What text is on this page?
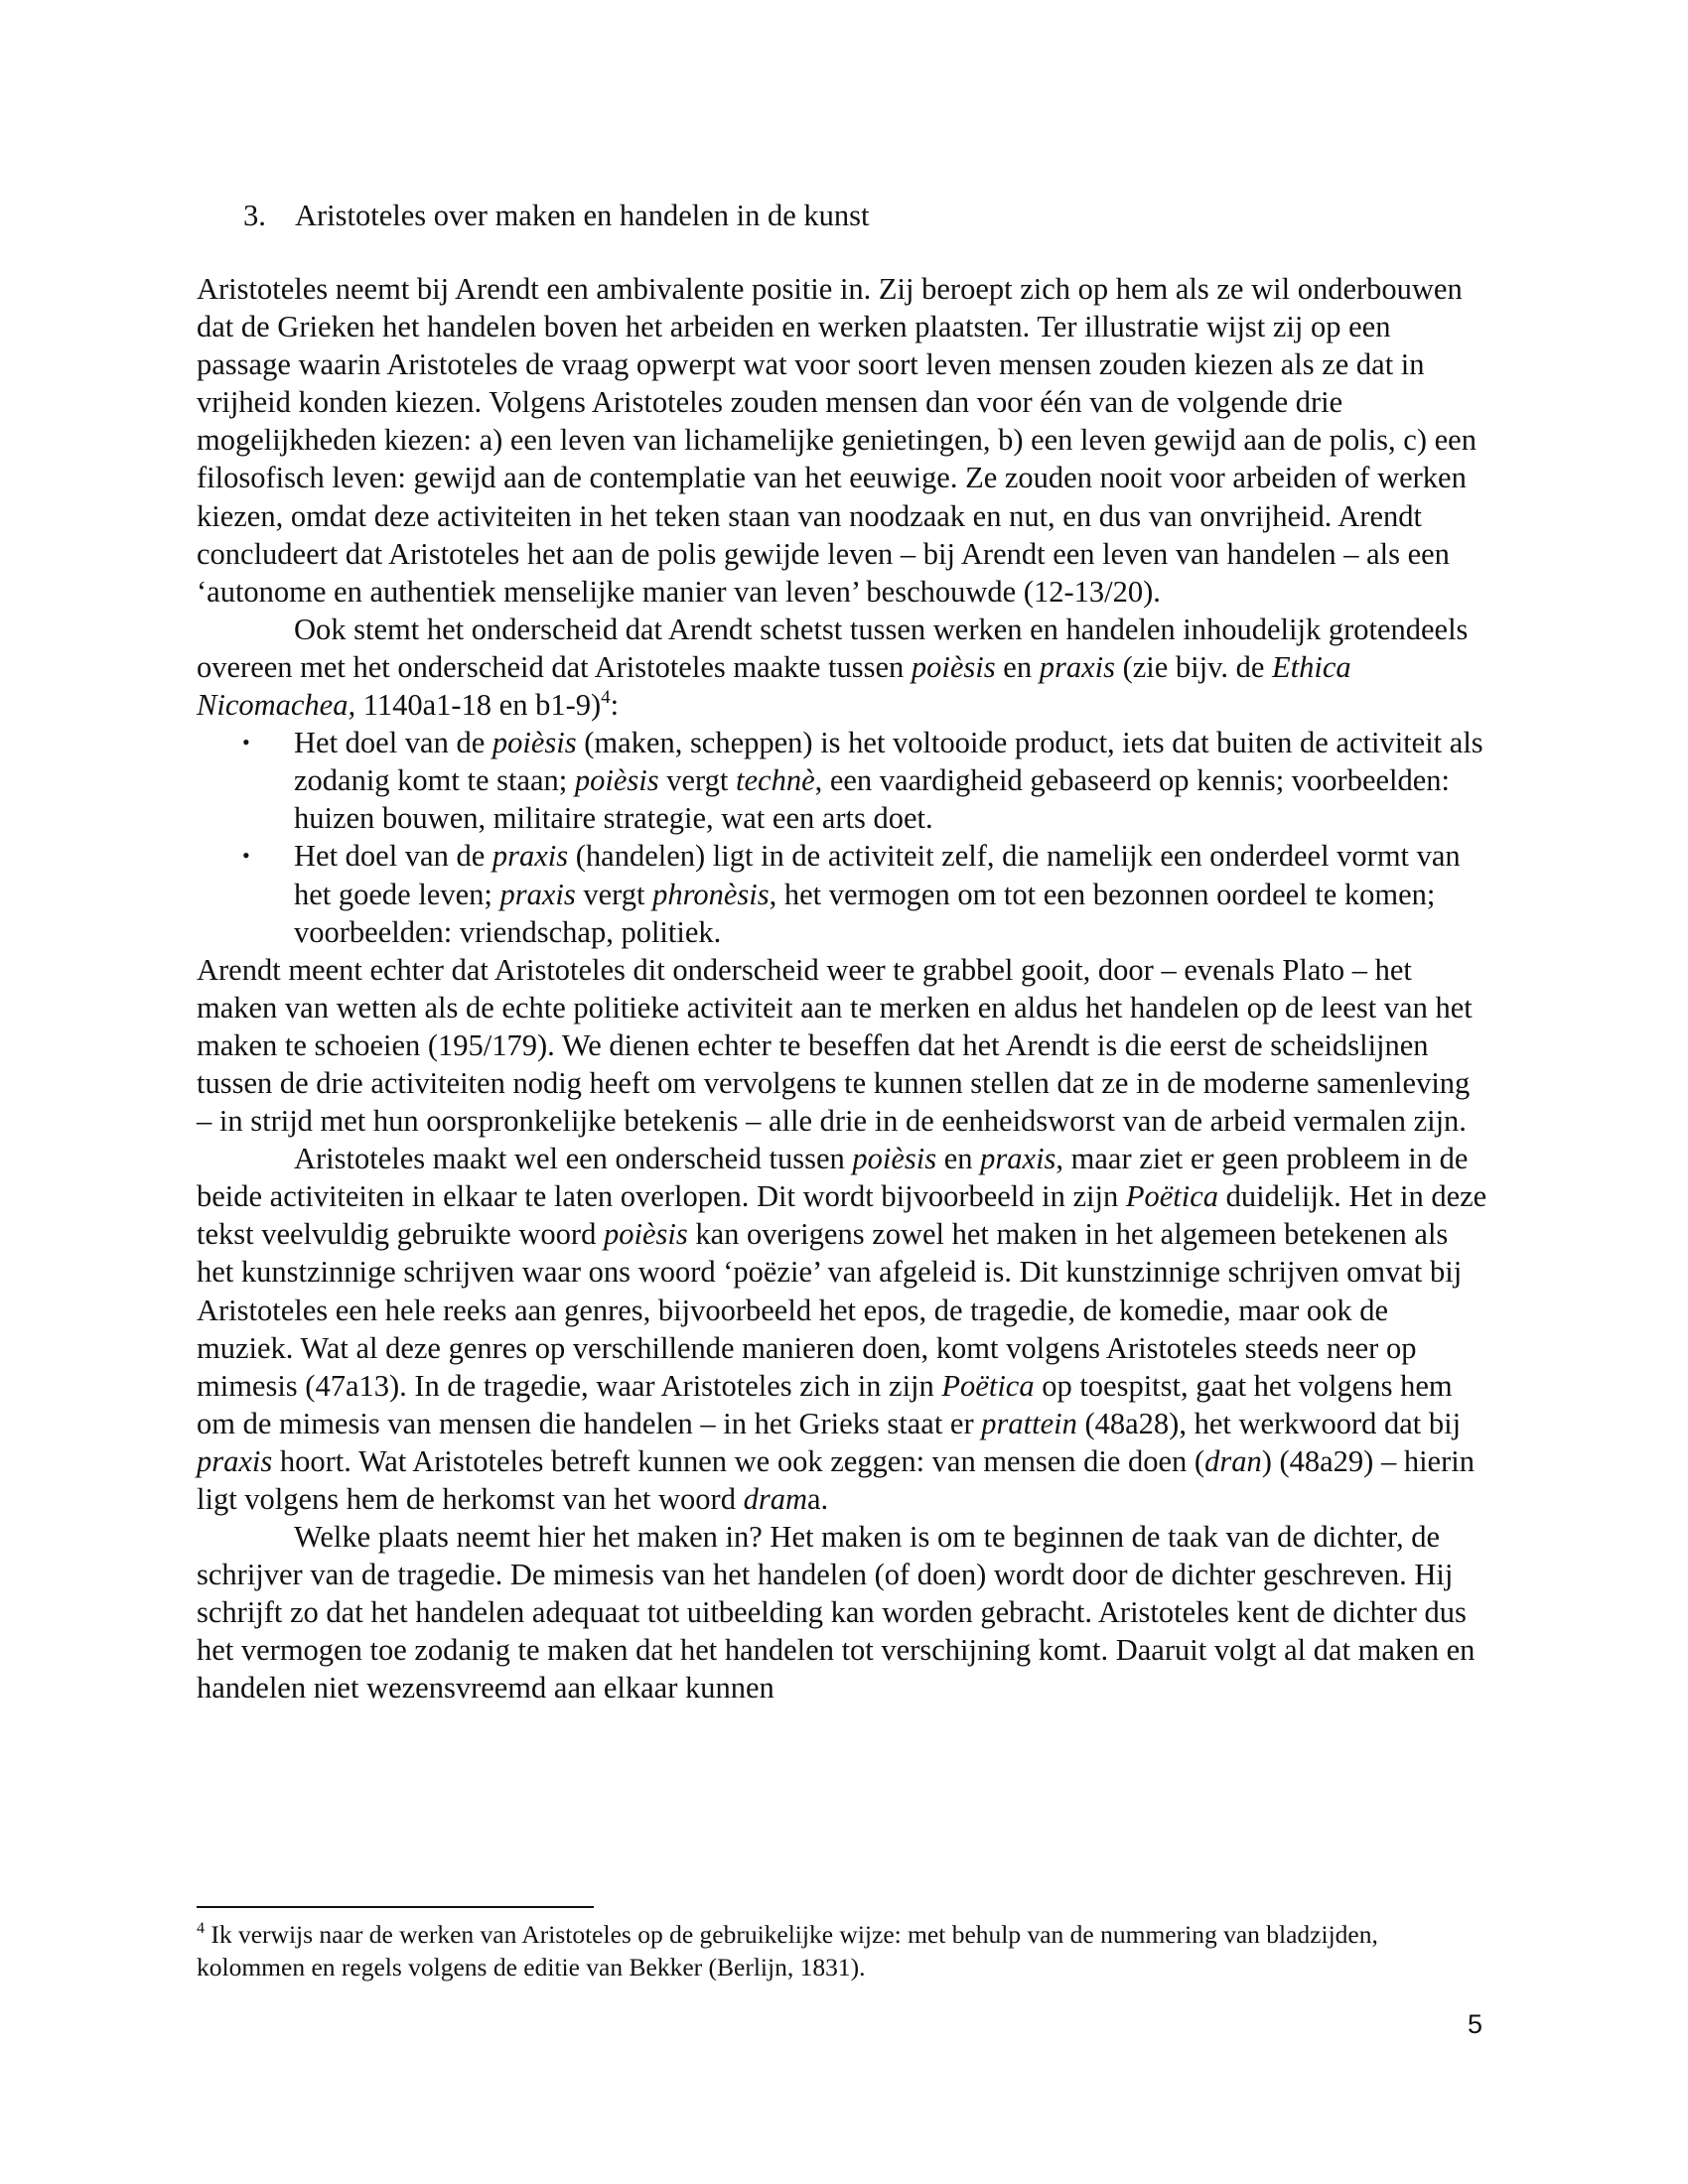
3. Aristoteles over maken en handelen in de kunst

Aristoteles neemt bij Arendt een ambivalente positie in. Zij beroept zich op hem als ze wil onderbouwen dat de Grieken het handelen boven het arbeiden en werken plaatsten. Ter illustratie wijst zij op een passage waarin Aristoteles de vraag opwerpt wat voor soort leven mensen zouden kiezen als ze dat in vrijheid konden kiezen. Volgens Aristoteles zouden mensen dan voor één van de volgende drie mogelijkheden kiezen: a) een leven van lichamelijke genietingen, b) een leven gewijd aan de polis, c) een filosofisch leven: gewijd aan de contemplatie van het eeuwige. Ze zouden nooit voor arbeiden of werken kiezen, omdat deze activiteiten in het teken staan van noodzaak en nut, en dus van onvrijheid. Arendt concludeert dat Aristoteles het aan de polis gewijde leven – bij Arendt een leven van handelen – als een ‘autonome en authentiek menselijke manier van leven’ beschouwde (12-13/20).

Ook stemt het onderscheid dat Arendt schetst tussen werken en handelen inhoudelijk grotendeels overeen met het onderscheid dat Aristoteles maakte tussen poièsis en praxis (zie bijv. de Ethica Nicomachea, 1140a1-18 en b1-9)$^4$:

• Het doel van de poièsis (maken, scheppen) is het voltooide product, iets dat buiten de activiteit als zodanig komt te staan; poièsis vergt technè, een vaardigheid gebaseerd op kennis; voorbeelden: huizen bouwen, militaire strategie, wat een arts doet.
• Het doel van de praxis (handelen) ligt in de activiteit zelf, die namelijk een onderdeel vormt van het goede leven; praxis vergt phronèsis, het vermogen om tot een bezonnen oordeel te komen; voorbeelden: vriendschap, politiek.

Arendt meent echter dat Aristoteles dit onderscheid weer te grabbel gooit, door – evenals Plato – het maken van wetten als de echte politieke activiteit aan te merken en aldus het handelen op de leest van het maken te schoeien (195/179). We dienen echter te beseffen dat het Arendt is die eerst de scheidslijnen tussen de drie activiteiten nodig heeft om vervolgens te kunnen stellen dat ze in de moderne samenleving – in strijd met hun oorspronkelijke betekenis – alle drie in de eenheidsworst van de arbeid vermalen zijn.

Aristoteles maakt wel een onderscheid tussen poièsis en praxis, maar ziet er geen probleem in de beide activiteiten in elkaar te laten overlopen. Dit wordt bijvoorbeeld in zijn Poëtica duidelijk. Het in deze tekst veelvuldig gebruikte woord poièsis kan overigens zowel het maken in het algemeen betekenen als het kunstzinnige schrijven waar ons woord ‘poëzie’ van afgeleid is. Dit kunstzinnige schrijven omvat bij Aristoteles een hele reeks aan genres, bijvoorbeeld het epos, de tragedie, de komedie, maar ook de muziek. Wat al deze genres op verschillende manieren doen, komt volgens Aristoteles steeds neer op mimesis (47a13). In de tragedie, waar Aristoteles zich in zijn Poëtica op toespitst, gaat het volgens hem om de mimesis van mensen die handelen – in het Grieks staat er prattein (48a28), het werkwoord dat bij praxis hoort. Wat Aristoteles betreft kunnen we ook zeggen: van mensen die doen (dran) (48a29) – hierin ligt volgens hem de herkomst van het woord drama.

Welke plaats neemt hier het maken in? Het maken is om te beginnen de taak van de dichter, de schrijver van de tragedie. De mimesis van het handelen (of doen) wordt door de dichter geschreven. Hij schrijft zo dat het handelen adequaat tot uitbeelding kan worden gebracht. Aristoteles kent de dichter dus het vermogen toe zodanig te maken dat het handelen tot verschijning komt. Daaruit volgt al dat maken en handelen niet wezensvreemd aan elkaar kunnen

$^4$ Ik verwijs naar de werken van Aristoteles op de gebruikelijke wijze: met behulp van de nummering van bladzijden, kolommen en regels volgens de editie van Bekker (Berlijn, 1831).
5
